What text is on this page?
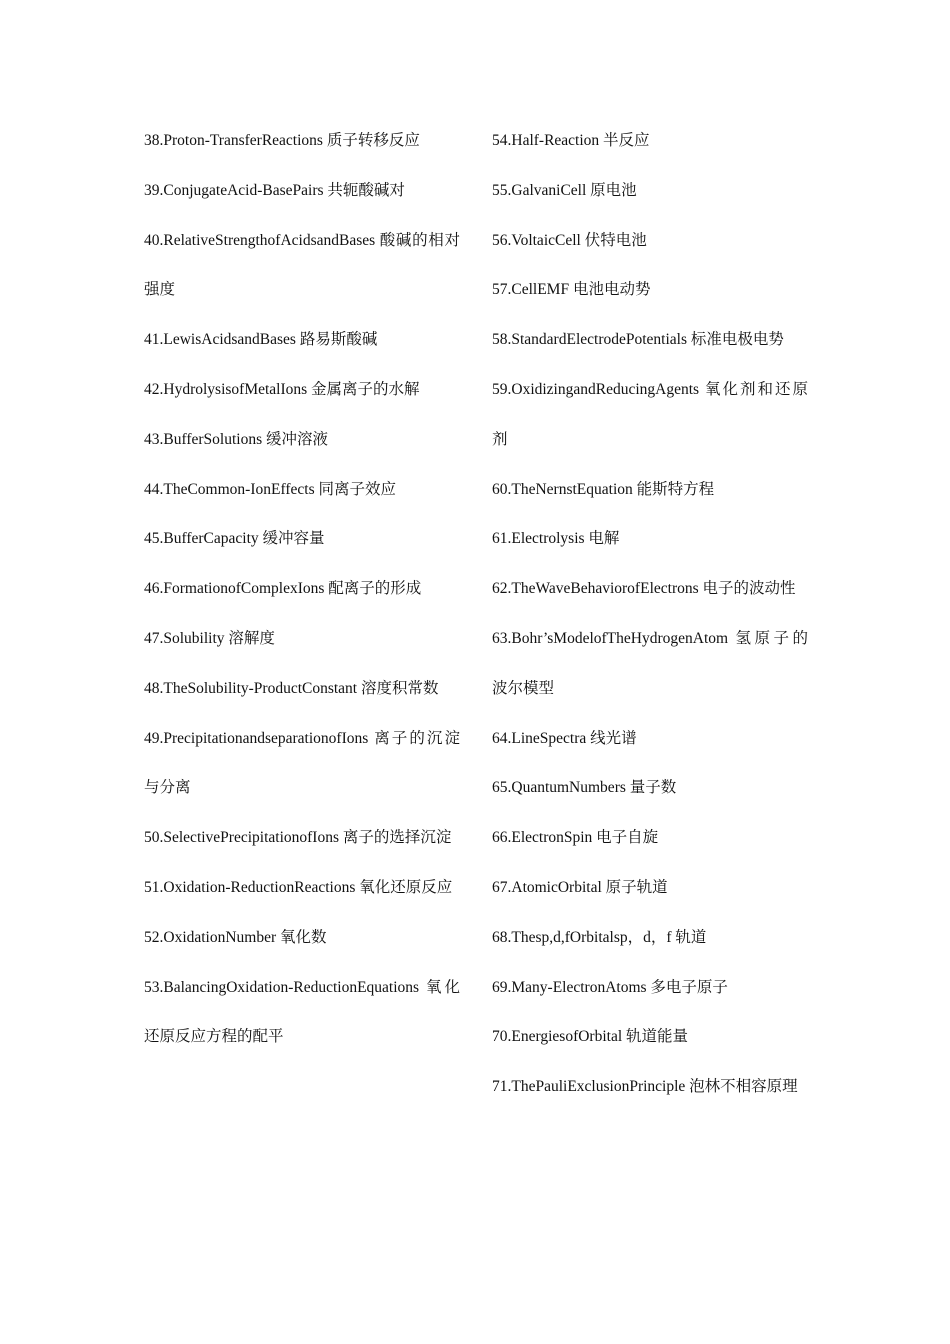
38.Proton-TransferReactions 质子转移反应

39.ConjugateAcid-BasePairs 共轭酸碱对

40.RelativeStrengthofAcidsandBases 酸碱的相对强度

41.LewisAcidsandBases 路易斯酸碱

42.HydrolysisofMetalIons 金属离子的水解

43.BufferSolutions 缓冲溶液

44.TheCommon-IonEffects 同离子效应

45.BufferCapacity 缓冲容量

46.FormationofComplexIons 配离子的形成

47.Solubility 溶解度

48.TheSolubility-ProductConstant 溶度积常数

49.PrecipitationandseparationofIons 离子的沉淀与分离

50.SelectivePrecipitationofIons 离子的选择沉淀

51.Oxidation-ReductionReactions 氧化还原反应

52.OxidationNumber 氧化数

53.BalancingOxidation-ReductionEquations 氧化还原反应方程的配平

54.Half-Reaction 半反应

55.GalvaniCell 原电池

56.VoltaicCell 伏特电池

57.CellEMF 电池电动势

58.StandardElectrodePotentials 标准电极电势

59.OxidizingandReducingAgents 氧化剂和还原剂

60.TheNernstEquation 能斯特方程

61.Electrolysis 电解

62.TheWaveBehaviorofElectrons 电子的波动性

63.Bohr’sModelofTheHydrogenAtom 氢原子的波尔模型

64.LineSpectra 线光谱

65.QuantumNumbers 量子数

66.ElectronSpin 电子自旋

67.AtomicOrbital 原子轨道

68.Thesp,d,fOrbitalsp，d，f 轨道

69.Many-ElectronAtoms 多电子原子

70.EnergiesofOrbital 轨道能量

71.ThePauliExclusionPrinciple 泡林不相容原理
